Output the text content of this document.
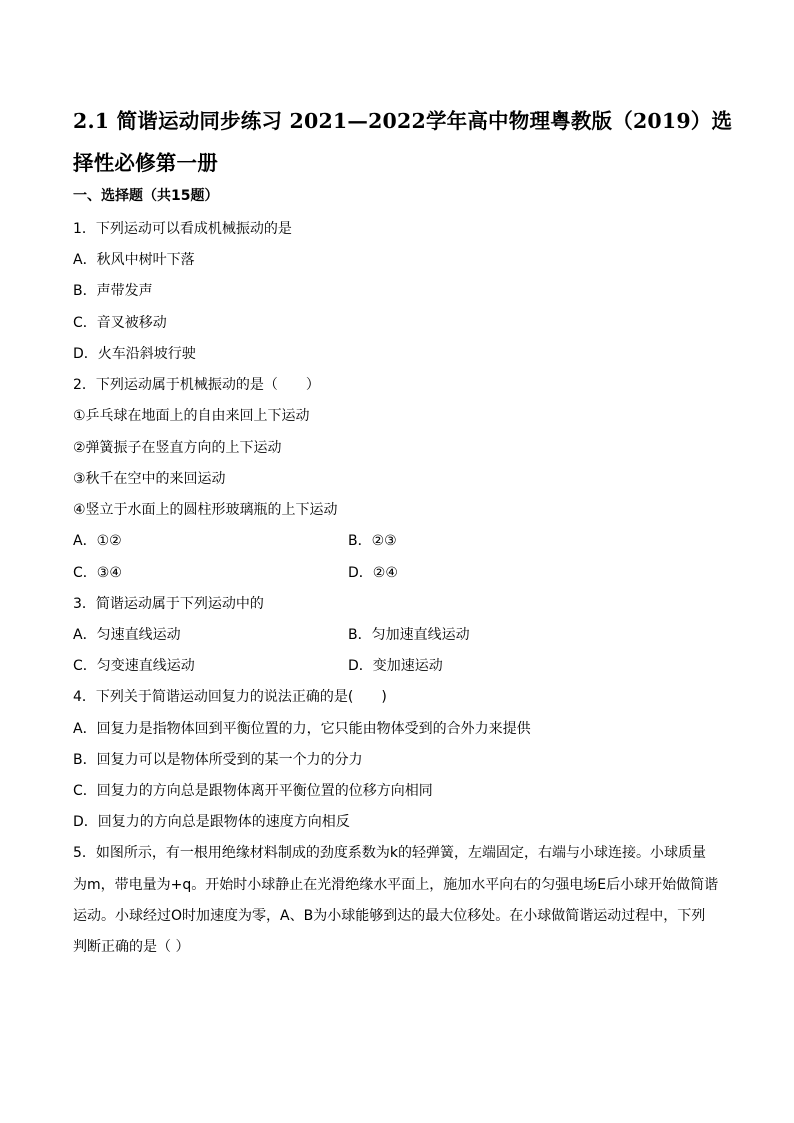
2.1 简谐运动同步练习 2021—2022学年高中物理粤教版（2019）选择性必修第一册
一、选择题（共15题）
1．下列运动可以看成机械振动的是
A．秋风中树叶下落
B．声带发声
C．音叉被移动
D．火车沿斜坡行驶
2．下列运动属于机械振动的是（　　）
①乒乓球在地面上的自由来回上下运动
②弹簧振子在竖直方向的上下运动
③秋千在空中的来回运动
④竖立于水面上的圆柱形玻璃瓶的上下运动
A．①②	B．②③
C．③④	D．②④
3．简谐运动属于下列运动中的
A．匀速直线运动	B．匀加速直线运动
C．匀变速直线运动	D．变加速运动
4．下列关于简谐运动回复力的说法正确的是(　　)
A．回复力是指物体回到平衡位置的力，它只能由物体受到的合外力来提供
B．回复力可以是物体所受到的某一个力的分力
C．回复力的方向总是跟物体离开平衡位置的位移方向相同
D．回复力的方向总是跟物体的速度方向相反
5．如图所示，有一根用绝缘材料制成的劲度系数为k的轻弹簧，左端固定，右端与小球连接。小球质量
为m，带电量为+q。开始时小球静止在光滑绝缘水平面上，施加水平向右的匀强电场E后小球开始做简谐
运动。小球经过O时加速度为零，A、B为小球能够到达的最大位移处。在小球做简谐运动过程中，下列
判断正确的是（ ）
